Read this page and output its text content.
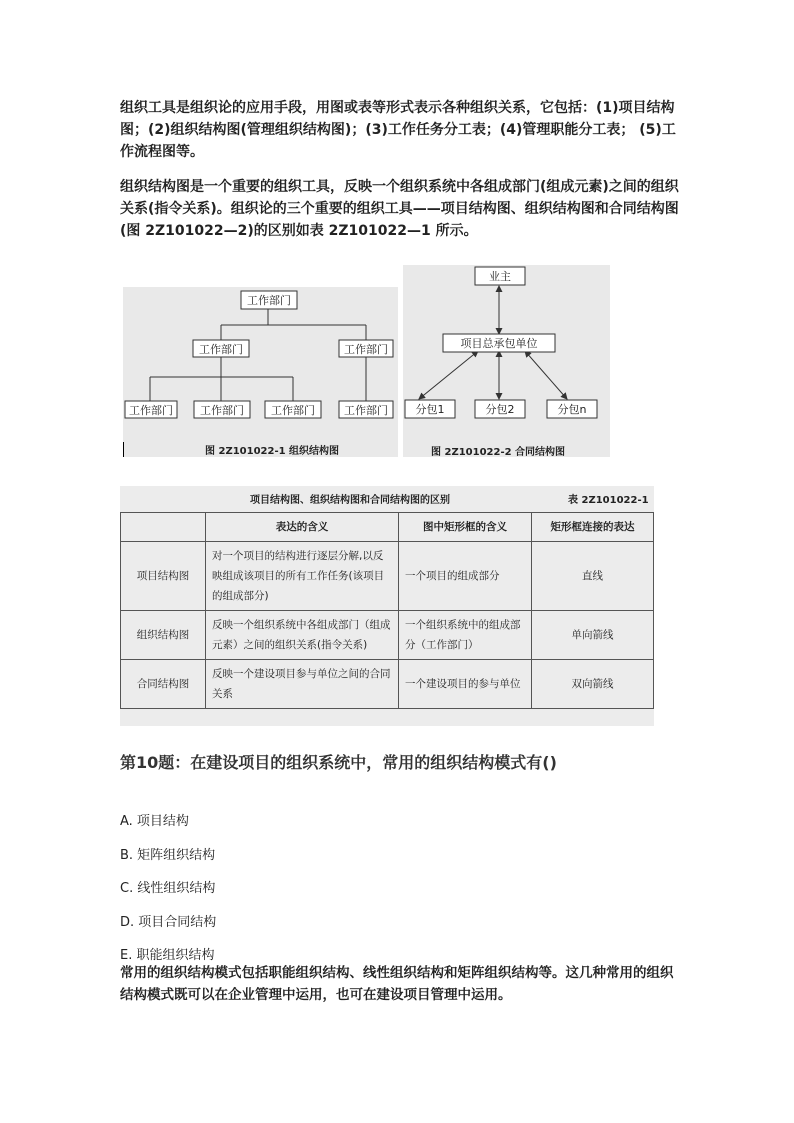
组织工具是组织论的应用手段，用图或表等形式表示各种组织关系，它包括：(1)项目结构图；(2)组织结构图(管理组织结构图)；(3)工作任务分工表；(4)管理职能分工表； (5)工作流程图等。
组织结构图是一个重要的组织工具，反映一个组织系统中各组成部门(组成元素)之间的组织关系(指令关系)。组织论的三个重要的组织工具——项目结构图、组织结构图和合同结构图(图 2Z101022—2)的区别如表 2Z101022—1 所示。
工作部门
工作部门	工作部门
工作部门 工作部门 工作部门	工作部门
图 2Z101022-1 组织结构图
业主
项目总承包单位
分包1	分包2	分包n
图 2Z101022-2 合同结构图
项目结构图、组织结构图和合同结构图的区别	表 2Z101022-1
	表达的含义	图中矩形框的含义	矩形框连接的表达
项目结构图	对一个项目的结构进行逐层分解,以反映组成该项目的所有工作任务(该项目的组成部分)	一个项目的组成部分	直线
组织结构图	反映一个组织系统中各组成部门（组成元素）之间的组织关系(指令关系)	一个组织系统中的组成部分（工作部门）	单向箭线
合同结构图	反映一个建设项目参与单位之间的合同关系	一个建设项目的参与单位	双向箭线
第10题：在建设项目的组织系统中，常用的组织结构模式有()
A. 项目结构
B. 矩阵组织结构
C. 线性组织结构
D. 项目合同结构
E. 职能组织结构
常用的组织结构模式包括职能组织结构、线性组织结构和矩阵组织结构等。这几种常用的组织结构模式既可以在企业管理中运用，也可在建设项目管理中运用。
